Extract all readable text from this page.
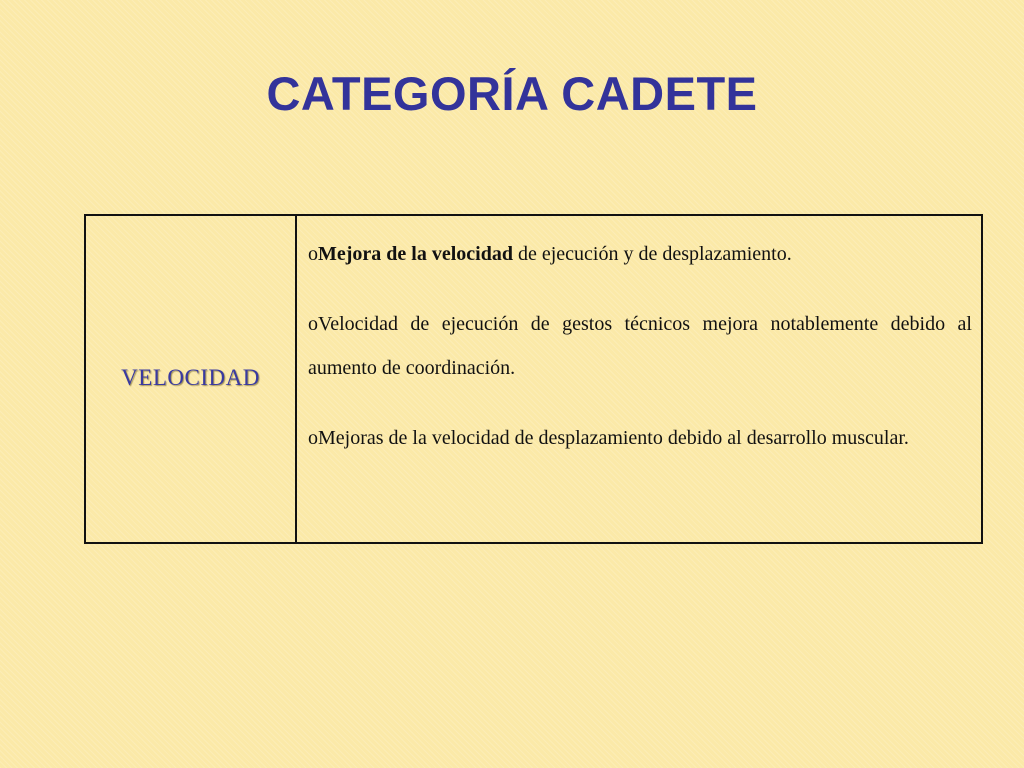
CATEGORÍA CADETE
VELOCIDAD

oMejora de la velocidad de ejecución y de desplazamiento.

oVelocidad de ejecución de gestos técnicos mejora notablemente debido al aumento de coordinación.

oMejoras de la velocidad de desplazamiento debido al desarrollo muscular.
